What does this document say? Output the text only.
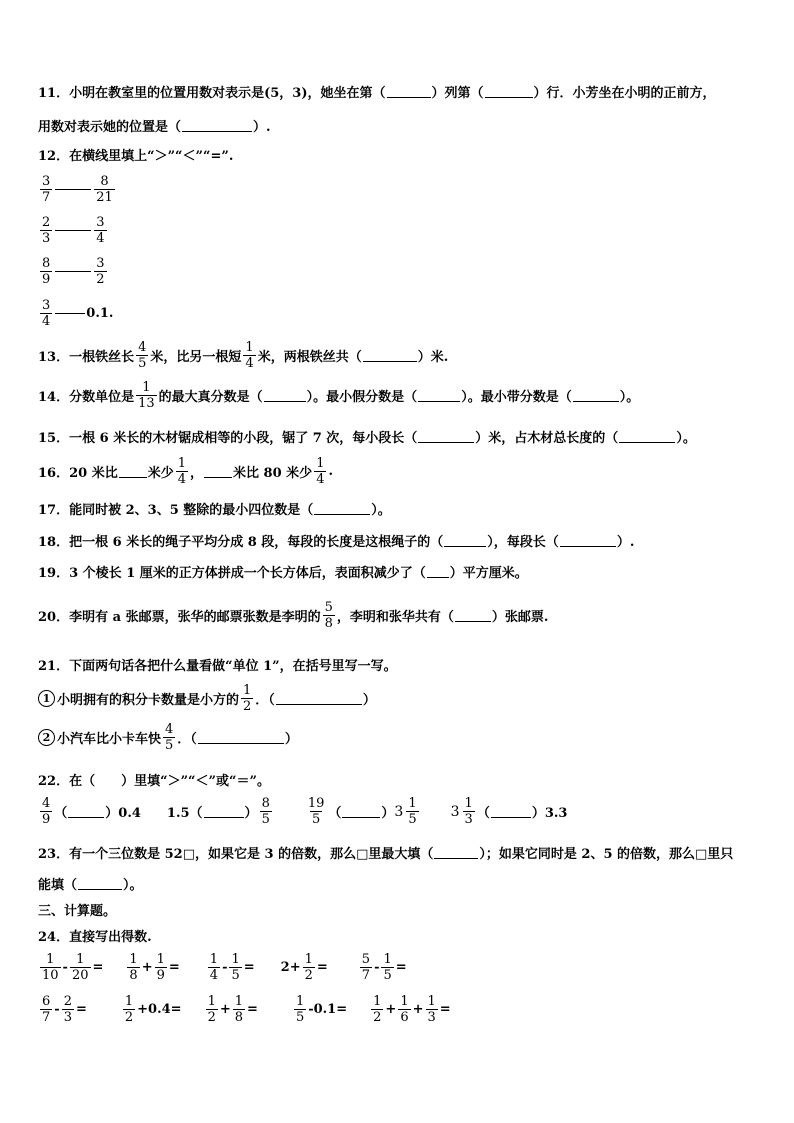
11． 小明在教室里的位置用数对表示是(5，3)，她坐在第（	）列第（	）行．小芳坐在小明的正前方，
用数对表示她的位置是（	）.
12． 在横线里填上“＞”“＜”“=”.
$\frac{3}{7}$	$\frac{8}{21}$
$\frac{2}{3}$	$\frac{3}{4}$
$\frac{8}{9}$	$\frac{3}{2}$
$\frac{3}{4}$	0.1.
13． 一根铁丝长 $\frac{4}{5}$ 米，比另一根短 $\frac{1}{4}$ 米，两根铁丝共（	）米.
14． 分数单位是 $\frac{1}{13}$ 的最大真分数是（	）。最小假分数是（	）。最小带分数是（	）。
15． 一根 6 米长的木材锯成相等的小段，锯了 7 次，每小段长（	）米，占木材总长度的（	）。
16． 20 米比 米少 $\frac{1}{4}$ ， 米比 80 米少 $\frac{1}{4}$ .
17． 能同时被 2、3、5 整除的最小四位数是（	）。
18． 把一根 6 米长的绳子平均分成 8 段，每段的长度是这根绳子的（	），每段长（	）.
19． 3 个棱长 1 厘米的正方体拼成一个长方体后，表面积减少了（ ）平方厘米。
20． 李明有 a 张邮票，张华的邮票张数是李明的 $\frac{5}{8}$ ，李明和张华共有（	）张邮票.
21． 下面两句话各把什么量看做“单位 1”，在括号里写一写。
1 小明拥有的积分卡数量是小方的 $\frac{1}{2}$ ．（	）
2 小汽车比小卡车快 $\frac{4}{5}$ ．（	）
22． 在（　　）里填“＞”“＜”或“＝”。
$\frac{4}{9}$ （	）0.4 1.5（	） $\frac{8}{5}$	$\frac{19}{5}$ （	） $3 \frac{1}{5} 3 \frac{1}{3}$ （	）3.3
23． 有一个三位数是 52□，如果它是 3 的倍数，那么□里最大填（	）；如果它同时是 2、5 的倍数，那么□里只
能填（	）。
三、计算题。
24． 直接写出得数.
$\frac{1}{10} - \frac{1}{20} = \frac{1}{8} + \frac{1}{9} = \frac{1}{4} - \frac{1}{5} = 2+ \frac{1}{2} = \frac{5}{7} - \frac{1}{5}$ =
$\frac{6}{7} - \frac{2}{3}$ =	$\frac{1}{2} +0.4= \frac{1}{2} + \frac{1}{8}$ =	$\frac{1}{5} -0.1= \frac{1}{2} + \frac{1}{6} + \frac{1}{3}$ =
